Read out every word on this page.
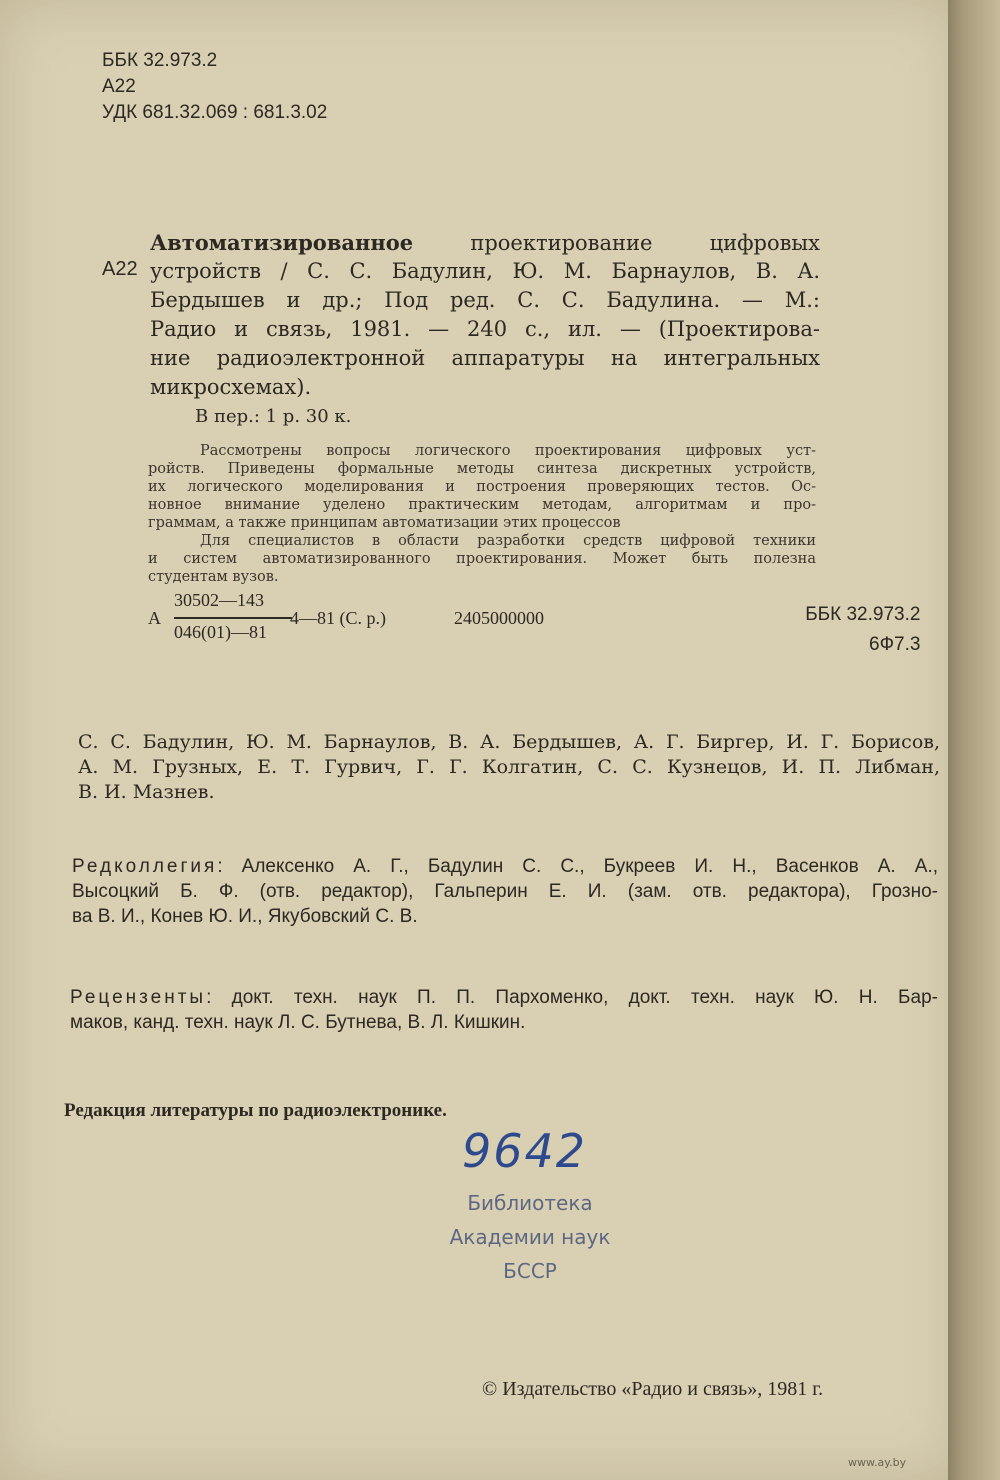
ББК 32.973.2
А22
УДК 681.32.069 : 681.3.02
А22
Автоматизированное проектирование цифровых
устройств / С. С. Бадулин, Ю. М. Барнаулов, В. А.
Бердышев и др.; Под ред. С. С. Бадулина. — М.:
Радио и связь, 1981. — 240 с., ил. — (Проектирова-
ние радиоэлектронной аппаратуры на интегральных
микросхемах).
В пер.: 1 р. 30 к.
Рассмотрены вопросы логического проектирования цифровых уст-
ройств. Приведены формальные методы синтеза дискретных устройств,
их логического моделирования и построения проверяющих тестов. Ос-
новное внимание уделено практическим методам, алгоритмам и про-
граммам, а также принципам автоматизации этих процессов
Для специалистов в области разработки средств цифровой техники
и систем автоматизированного проектирования. Может быть полезна
студентам вузов.
А
30502—143
046(01)—81
4—81 (С. р.)	2405000000	ББК 32.973.2
6Ф7.3
С. С. Бадулин, Ю. М. Барнаулов, В. А. Бердышев, А. Г. Биргер, И. Г. Борисов,
А. М. Грузных, Е. Т. Гурвич, Г. Г. Колгатин, С. С. Кузнецов, И. П. Либман,
В. И. Мазнев.
Редколлегия: Алексенко А. Г., Бадулин С. С., Букреев И. Н., Васенков А. А.,
Высоцкий Б. Ф. (отв. редактор), Гальперин Е. И. (зам. отв. редактора), Грозно-
ва В. И., Конев Ю. И., Якубовский С. В.
Рецензенты: докт. техн. наук П. П. Пархоменко, докт. техн. наук Ю. Н. Бар-
маков, канд. техн. наук Л. С. Бутнева, В. Л. Кишкин.
Редакция литературы по радиоэлектронике.
9642
Библиотека
Академии наук
БССР
© Издательство «Радио и связь», 1981 г.
www.ay.by
